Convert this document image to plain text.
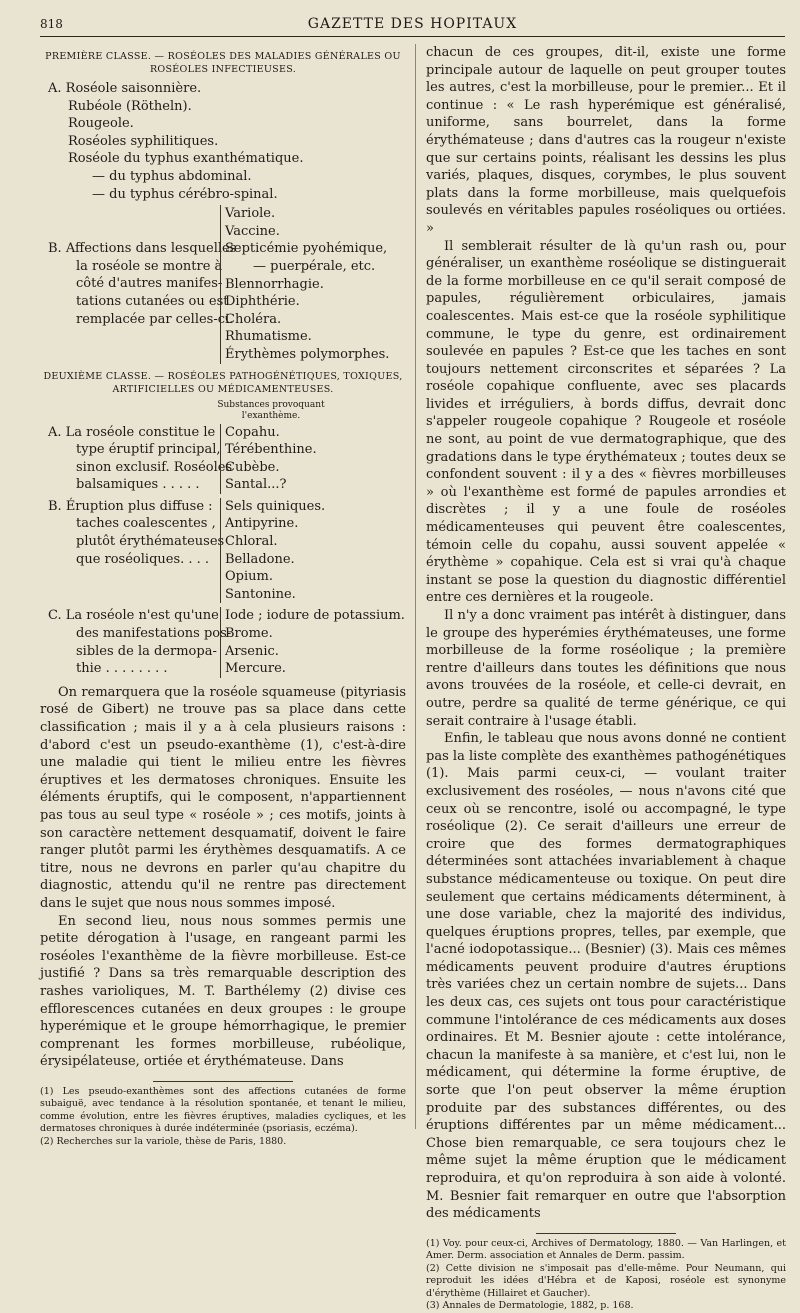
818	GAZETTE DES HOPITAUX
PREMIÈRE CLASSE. — ROSÉOLES DES MALADIES GÉNÉRALES OU ROSÉOLES INFECTIEUSES.
A. Roséole saisonnière.
Rubéole (Rötheln).
Rougeole.
Roséoles syphilitiques.
Roséole du typhus exanthématique.
— du typhus abdominal.
— du typhus cérébro-spinal.
B. Affections dans lesquelles
la roséole se montre à
côté d'autres manifes-
tations cutanées ou est
remplacée par celles-ci.
Variole.
Vaccine.
Septicémie pyohémique,
— puerpérale, etc.
Blennorrhagie.
Diphthérie.
Choléra.
Rhumatisme.
Érythèmes polymorphes.
DEUXIÈME CLASSE. — ROSÉOLES PATHOGÉNÉTIQUES, TOXIQUES, ARTIFICIELLES OU MÉDICAMENTEUSES.
Substances provoquant l'exanthème.
A. La roséole constitue le
type éruptif principal,
sinon exclusif. Roséoles
balsamiques . . . . .
Copahu.
Térébenthine.
Cubèbe.
Santal...?
B. Éruption plus diffuse :
taches coalescentes ,
plutôt érythémateuses
que roséoliques. . . .
Sels quiniques.
Antipyrine.
Chloral.
Belladone.
Opium.
Santonine.
C. La roséole n'est qu'une
des manifestations pos-
sibles de la dermopa-
thie . . . . . . . .
Iode ; iodure de potassium.
Brome.
Arsenic.
Mercure.

On remarquera que la roséole squameuse (pityriasis rosé de Gibert) ne trouve pas sa place dans cette classification ; mais il y a à cela plusieurs raisons : d'abord c'est un pseudo-exanthème (1), c'est-à-dire une maladie qui tient le milieu entre les fièvres éruptives et les dermatoses chroniques. Ensuite les éléments éruptifs, qui le composent, n'appartiennent pas tous au seul type « roséole » ; ces motifs, joints à son caractère nettement desquamatif, doivent le faire ranger plutôt parmi les érythèmes desquamatifs. A ce titre, nous ne devrons en parler qu'au chapitre du diagnostic, attendu qu'il ne rentre pas directement dans le sujet que nous nous sommes imposé.

En second lieu, nous nous sommes permis une petite dérogation à l'usage, en rangeant parmi les roséoles l'exanthème de la fièvre morbilleuse. Est-ce justifié ? Dans sa très remarquable description des rashes varioliques, M. T. Barthélemy (2) divise ces efflorescences cutanées en deux groupes : le groupe hyperémique et le groupe hémorrhagique, le premier comprenant les formes morbilleuse, rubéolique, érysipélateuse, ortiée et érythémateuse. Dans

(1) Les pseudo-exanthèmes sont des affections cutanées de forme subaiguë, avec tendance à la résolution spontanée, et tenant le milieu, comme évolution, entre les fièvres éruptives, maladies cycliques, et les dermatoses chroniques à durée indéterminée (psoriasis, eczéma).
(2) Recherches sur la variole, thèse de Paris, 1880.

chacun de ces groupes, dit-il, existe une forme principale autour de laquelle on peut grouper toutes les autres, c'est la morbilleuse, pour le premier... Et il continue : « Le rash hyperémique est généralisé, uniforme, sans bourrelet, dans la forme érythémateuse ; dans d'autres cas la rougeur n'existe que sur certains points, réalisant les dessins les plus variés, plaques, disques, corymbes, le plus souvent plats dans la forme morbilleuse, mais quelquefois soulevés en véritables papules roséoliques ou ortiées. »

Il semblerait résulter de là qu'un rash ou, pour généraliser, un exanthème roséolique se distinguerait de la forme morbilleuse en ce qu'il serait composé de papules, régulièrement orbiculaires, jamais coalescentes. Mais est-ce que la roséole syphilitique commune, le type du genre, est ordinairement soulevée en papules ? Est-ce que les taches en sont toujours nettement circonscrites et séparées ? La roséole copahique confluente, avec ses placards livides et irréguliers, à bords diffus, devrait donc s'appeler rougeole copahique ? Rougeole et roséole ne sont, au point de vue dermatographique, que des gradations dans le type érythémateux ; toutes deux se confondent souvent : il y a des « fièvres morbilleuses » où l'exanthème est formé de papules arrondies et discrètes ; il y a une foule de roséoles médicamenteuses qui peuvent être coalescentes, témoin celle du copahu, aussi souvent appelée « érythème » copahique. Cela est si vrai qu'à chaque instant se pose la question du diagnostic différentiel entre ces dernières et la rougeole.

Il n'y a donc vraiment pas intérêt à distinguer, dans le groupe des hyperémies érythémateuses, une forme morbilleuse de la forme roséolique ; la première rentre d'ailleurs dans toutes les définitions que nous avons trouvées de la roséole, et celle-ci devrait, en outre, perdre sa qualité de terme générique, ce qui serait contraire à l'usage établi.

Enfin, le tableau que nous avons donné ne contient pas la liste complète des exanthèmes pathogénétiques (1). Mais parmi ceux-ci, — voulant traiter exclusivement des roséoles, — nous n'avons cité que ceux où se rencontre, isolé ou accompagné, le type roséolique (2). Ce serait d'ailleurs une erreur de croire que des formes dermatographiques déterminées sont attachées invariablement à chaque substance médicamenteuse ou toxique. On peut dire seulement que certains médicaments déterminent, à une dose variable, chez la majorité des individus, quelques éruptions propres, telles, par exemple, que l'acné iodopotassique... (Besnier) (3). Mais ces mêmes médicaments peuvent produire d'autres éruptions très variées chez un certain nombre de sujets... Dans les deux cas, ces sujets ont tous pour caractéristique commune l'intolérance de ces médicaments aux doses ordinaires. Et M. Besnier ajoute : cette intolérance, chacun la manifeste à sa manière, et c'est lui, non le médicament, qui détermine la forme éruptive, de sorte que l'on peut observer la même éruption produite par des substances différentes, ou des éruptions différentes par un même médicament... Chose bien remarquable, ce sera toujours chez le même sujet la même éruption que le médicament reproduira, et qu'on reproduira à son aide à volonté. M. Besnier fait remarquer en outre que l'absorption des médicaments

(1) Voy. pour ceux-ci, Archives of Dermatology, 1880. — Van Harlingen, et Amer. Derm. association et Annales de Derm. passim.
(2) Cette division ne s'imposait pas d'elle-même. Pour Neumann, qui reproduit les idées d'Hébra et de Kaposi, roséole est synonyme d'érythème (Hillairet et Gaucher).
(3) Annales de Dermatologie, 1882, p. 168.
